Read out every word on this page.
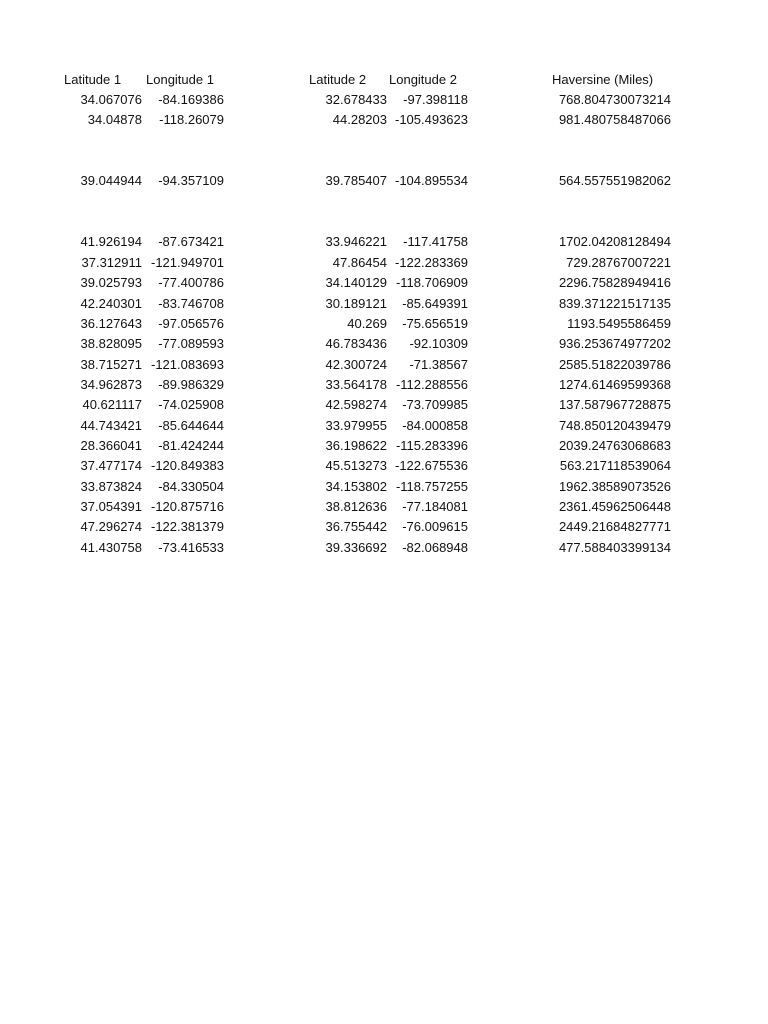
Latitude 1 Longitude 1	Latitude 2 Longitude 2	Haversine (Miles)
34.067076	-84.169386	32.678433	-97.398118	768.804730073214
34.04878	-118.26079	44.28203 -105.493623	981.480758487066
39.044944	-94.357109	39.785407 -104.895534	564.557551982062
41.926194	-87.673421	33.946221	-117.41758	1702.04208128494
37.312911 -121.949701	47.86454 -122.283369	729.28767007221
39.025793	-77.400786	34.140129 -118.706909	2296.75828949416
42.240301	-83.746708	30.189121	-85.649391	839.371221517135
36.127643	-97.056576	40.269	-75.656519	1193.5495586459
38.828095	-77.089593	46.783436	-92.10309	936.253674977202
38.715271 -121.083693	42.300724	-71.38567	2585.51822039786
34.962873	-89.986329	33.564178 -112.288556	1274.61469599368
40.621117	-74.025908	42.598274	-73.709985	137.587967728875
44.743421	-85.644644	33.979955	-84.000858	748.850120439479
28.366041	-81.424244	36.198622 -115.283396	2039.24763068683
37.477174 -120.849383	45.513273 -122.675536	563.217118539064
33.873824	-84.330504	34.153802 -118.757255	1962.38589073526
37.054391 -120.875716	38.812636	-77.184081	2361.45962506448
47.296274 -122.381379	36.755442	-76.009615	2449.21684827771
41.430758	-73.416533	39.336692	-82.068948	477.588403399134
